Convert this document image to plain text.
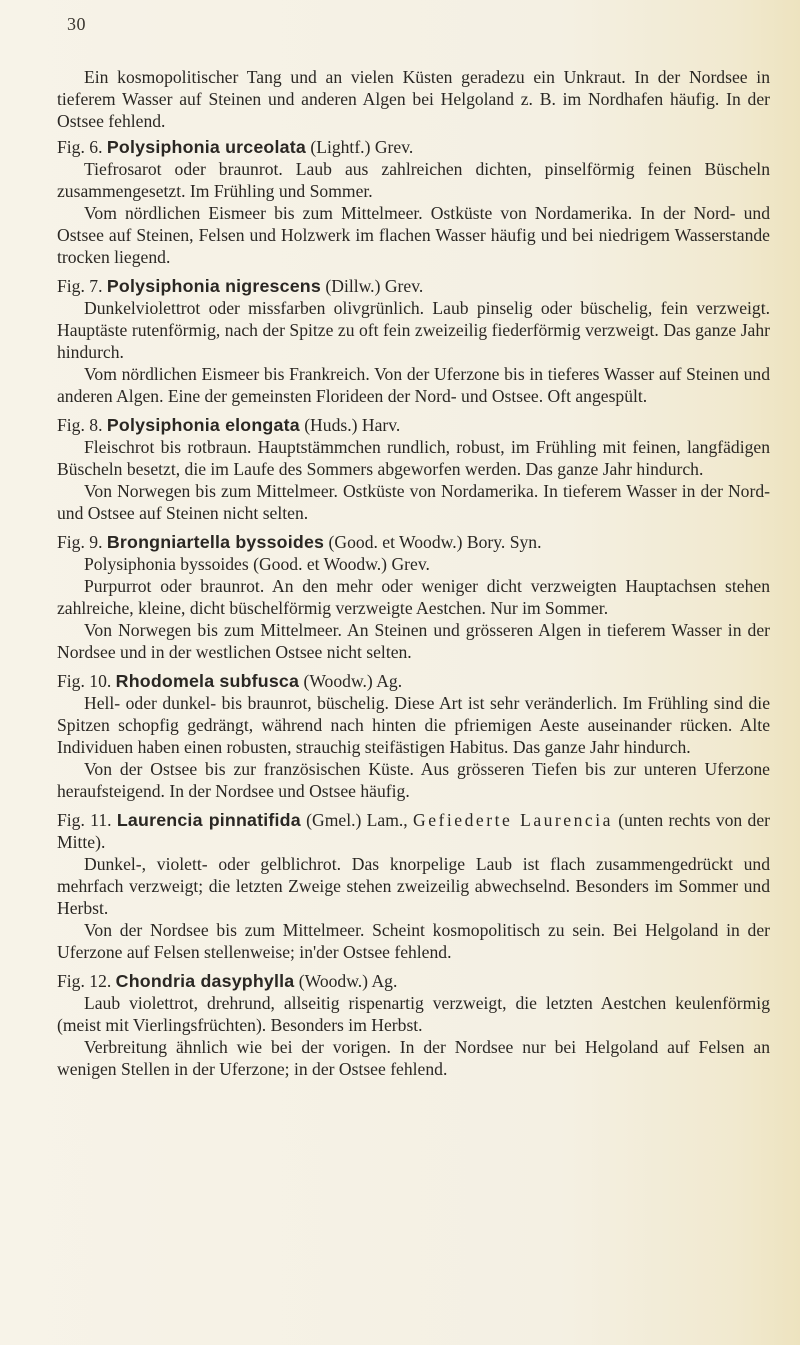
30

Ein kosmopolitischer Tang und an vielen Küsten geradezu ein Unkraut. In der Nordsee in tieferem Wasser auf Steinen und anderen Algen bei Helgoland z. B. im Nordhafen häufig. In der Ostsee fehlend.

Fig. 6. Polysiphonia urceolata (Lightf.) Grev.

Tiefrosarot oder braunrot. Laub aus zahlreichen dichten, pinselförmig feinen Büscheln zusammengesetzt. Im Frühling und Sommer.

Vom nördlichen Eismeer bis zum Mittelmeer. Ostküste von Nordamerika. In der Nord- und Ostsee auf Steinen, Felsen und Holzwerk im flachen Wasser häufig und bei niedrigem Wasserstande trocken liegend.

Fig. 7. Polysiphonia nigrescens (Dillw.) Grev.

Dunkelviolettrot oder missfarben olivgrünlich. Laub pinselig oder büschelig, fein verzweigt. Hauptäste rutenförmig, nach der Spitze zu oft fein zweizeilig fiederförmig verzweigt. Das ganze Jahr hindurch.

Vom nördlichen Eismeer bis Frankreich. Von der Uferzone bis in tieferes Wasser auf Steinen und anderen Algen. Eine der gemeinsten Florideen der Nord- und Ostsee. Oft angespült.

Fig. 8. Polysiphonia elongata (Huds.) Harv.

Fleischrot bis rotbraun. Hauptstämmchen rundlich, robust, im Frühling mit feinen, langfädigen Büscheln besetzt, die im Laufe des Sommers abgeworfen werden. Das ganze Jahr hindurch.

Von Norwegen bis zum Mittelmeer. Ostküste von Nordamerika. In tieferem Wasser in der Nord- und Ostsee auf Steinen nicht selten.

Fig. 9. Brongniartella byssoides (Good. et Woodw.) Bory. Syn.

Polysiphonia byssoides (Good. et Woodw.) Grev.

Purpurrot oder braunrot. An den mehr oder weniger dicht verzweigten Hauptachsen stehen zahlreiche, kleine, dicht büschelförmig verzweigte Aestchen. Nur im Sommer.

Von Norwegen bis zum Mittelmeer. An Steinen und grösseren Algen in tieferem Wasser in der Nordsee und in der westlichen Ostsee nicht selten.

Fig. 10. Rhodomela subfusca (Woodw.) Ag.

Hell- oder dunkel- bis braunrot, büschelig. Diese Art ist sehr veränderlich. Im Frühling sind die Spitzen schopfig gedrängt, während nach hinten die pfriemigen Aeste auseinander rücken. Alte Individuen haben einen robusten, strauchig steifästigen Habitus. Das ganze Jahr hindurch.

Von der Ostsee bis zur französischen Küste. Aus grösseren Tiefen bis zur unteren Uferzone heraufsteigend. In der Nordsee und Ostsee häufig.

Fig. 11. Laurencia pinnatifida (Gmel.) Lam., Gefiederte Laurencia (unten rechts von der Mitte).

Dunkel-, violett- oder gelblichrot. Das knorpelige Laub ist flach zusammengedrückt und mehrfach verzweigt; die letzten Zweige stehen zweizeilig abwechselnd. Besonders im Sommer und Herbst.

Von der Nordsee bis zum Mittelmeer. Scheint kosmopolitisch zu sein. Bei Helgoland in der Uferzone auf Felsen stellenweise; in'der Ostsee fehlend.

Fig. 12. Chondria dasyphylla (Woodw.) Ag.

Laub violettrot, drehrund, allseitig rispenartig verzweigt, die letzten Aestchen keulenförmig (meist mit Vierlingsfrüchten). Besonders im Herbst.

Verbreitung ähnlich wie bei der vorigen. In der Nordsee nur bei Helgoland auf Felsen an wenigen Stellen in der Uferzone; in der Ostsee fehlend.
